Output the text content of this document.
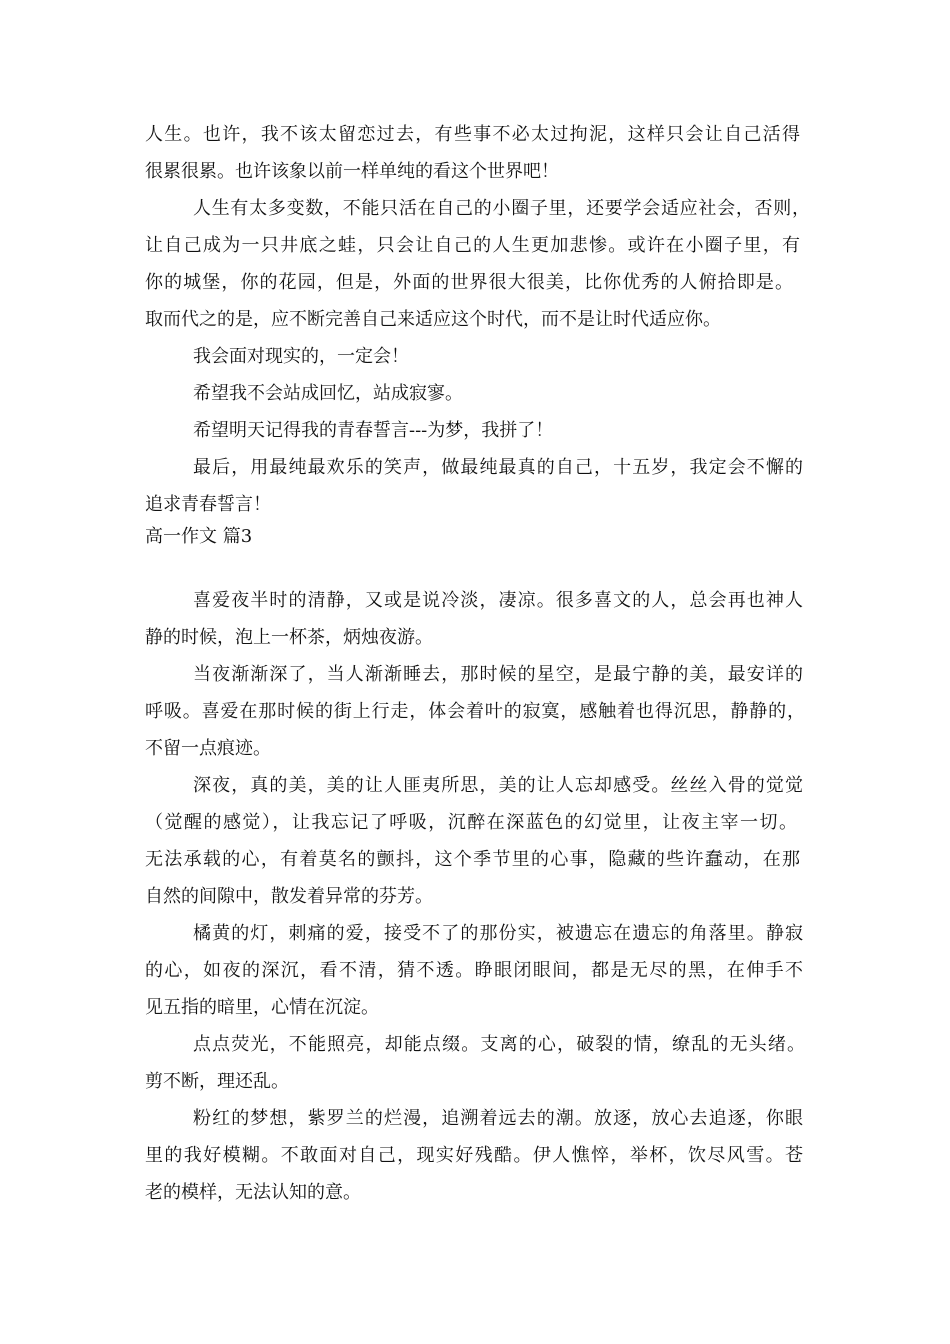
人生。也许，我不该太留恋过去，有些事不必太过拘泥，这样只会让自己活得
很累很累。也许该象以前一样单纯的看这个世界吧！
人生有太多变数，不能只活在自己的小圈子里，还要学会适应社会，否则，
让自己成为一只井底之蛙，只会让自己的人生更加悲惨。或许在小圈子里，有
你的城堡，你的花园，但是，外面的世界很大很美，比你优秀的人俯拾即是。
取而代之的是，应不断完善自己来适应这个时代，而不是让时代适应你。
我会面对现实的，一定会！
希望我不会站成回忆，站成寂寥。
希望明天记得我的青春誓言---为梦，我拼了！
最后，用最纯最欢乐的笑声，做最纯最真的自己，十五岁，我定会不懈的
追求青春誓言！
高一作文 篇3
喜爱夜半时的清静，又或是说冷淡，凄凉。很多喜文的人，总会再也神人
静的时候，泡上一杯茶，炳烛夜游。
当夜渐渐深了，当人渐渐睡去，那时候的星空，是最宁静的美，最安详的
呼吸。喜爱在那时候的街上行走，体会着叶的寂寞，感触着也得沉思，静静的，
不留一点痕迹。
深夜，真的美，美的让人匪夷所思，美的让人忘却感受。丝丝入骨的觉觉
（觉醒的感觉），让我忘记了呼吸，沉醉在深蓝色的幻觉里，让夜主宰一切。
无法承载的心，有着莫名的颤抖，这个季节里的心事，隐藏的些许蠢动，在那
自然的间隙中，散发着异常的芬芳。
橘黄的灯，刺痛的爱，接受不了的那份实，被遗忘在遗忘的角落里。静寂
的心，如夜的深沉，看不清，猜不透。睁眼闭眼间，都是无尽的黑，在伸手不
见五指的暗里，心情在沉淀。
点点荧光，不能照亮，却能点缀。支离的心，破裂的情，缭乱的无头绪。
剪不断，理还乱。
粉红的梦想，紫罗兰的烂漫，追溯着远去的潮。放逐，放心去追逐，你眼
里的我好模糊。不敢面对自己，现实好残酷。伊人憔悴，举杯，饮尽风雪。苍
老的模样，无法认知的意。
